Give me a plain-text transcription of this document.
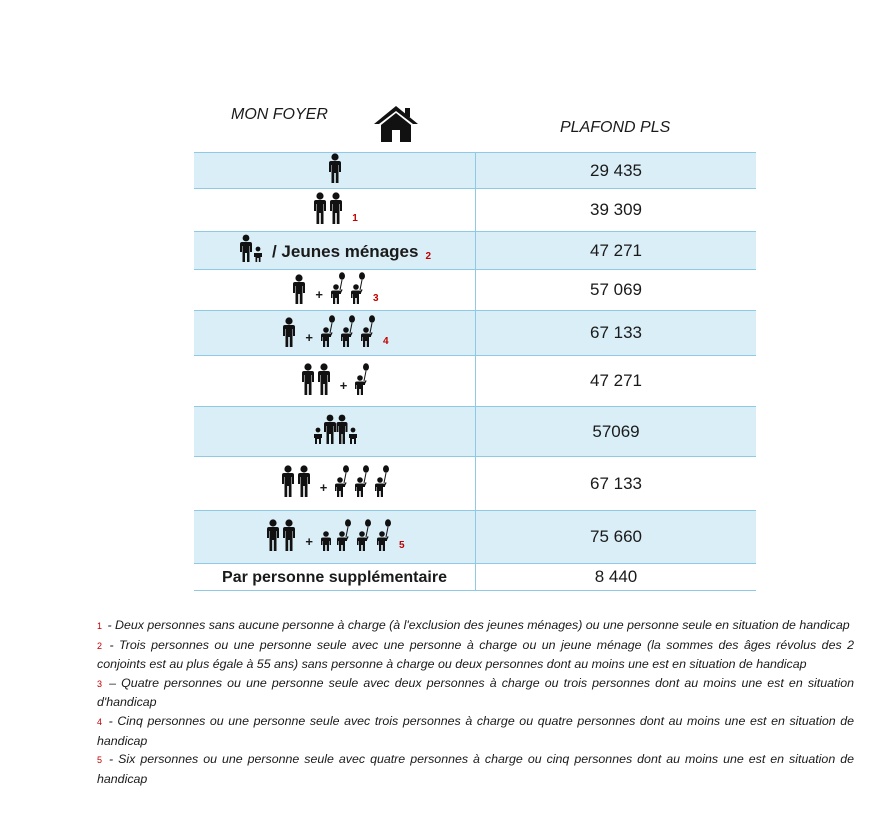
MON FOYER
PLAFOND PLS
	29 435

1	39 309

/ Jeunes ménages 2	47 271

+ 3	57 069

+ 4	67 133

+	47 271

	57069

+	67 133

+ 5	75 660

Par personne supplémentaire	8 440

1 - Deux personnes sans aucune personne à charge (à l'exclusion des jeunes ménages) ou une personne seule en situation de handicap

2 - Trois personnes ou une personne seule avec une personne à charge ou un jeune ménage (la sommes des âges révolus des 2 conjoints est au plus égale à 55 ans) sans personne à charge ou deux personnes dont au moins une est en situation de handicap

3 – Quatre personnes ou une personne seule avec deux personnes à charge ou trois personnes dont au moins une est en situation d'handicap

4 - Cinq personnes ou une personne seule avec trois personnes à charge ou quatre personnes dont au moins une est en situation de handicap

5 - Six personnes ou une personne seule avec quatre personnes à charge ou cinq personnes dont au moins une est en situation de handicap
